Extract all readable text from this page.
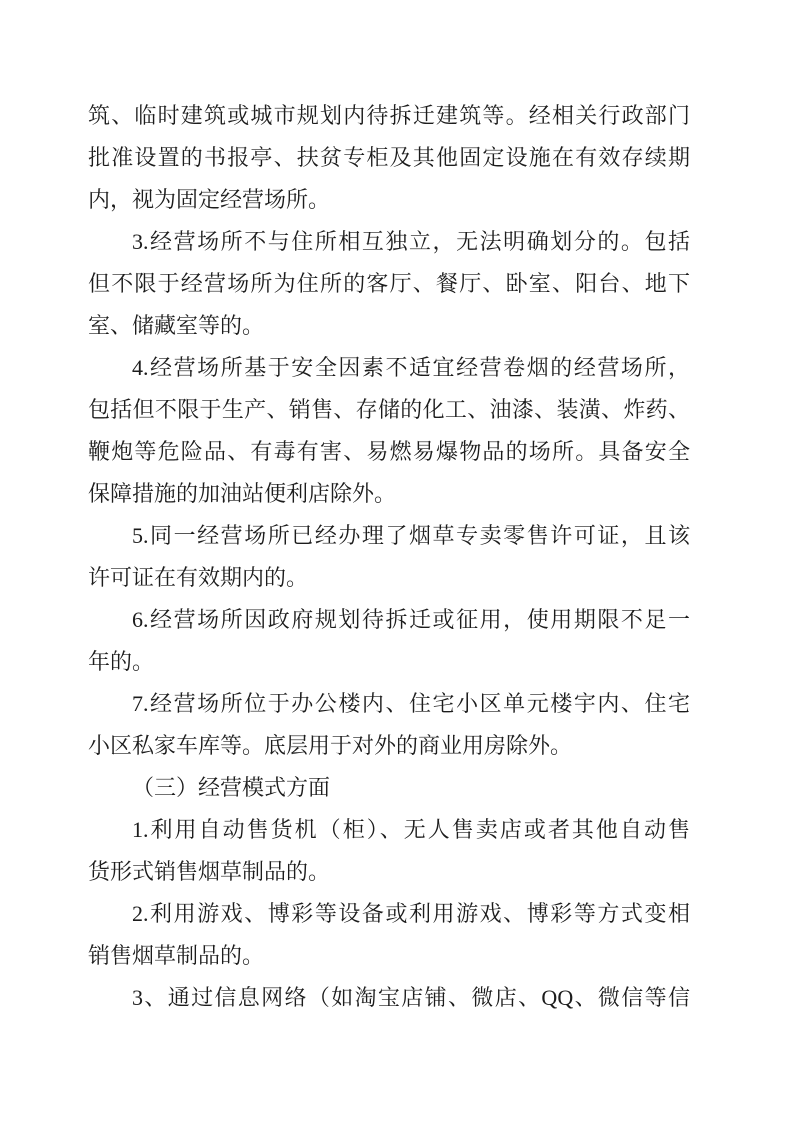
筑、临时建筑或城市规划内待拆迁建筑等。经相关行政部门
批准设置的书报亭、扶贫专柜及其他固定设施在有效存续期
内，视为固定经营场所。
3.经营场所不与住所相互独立，无法明确划分的。包括
但不限于经营场所为住所的客厅、餐厅、卧室、阳台、地下
室、储藏室等的。
4.经营场所基于安全因素不适宜经营卷烟的经营场所，
包括但不限于生产、销售、存储的化工、油漆、装潢、炸药、
鞭炮等危险品、有毒有害、易燃易爆物品的场所。具备安全
保障措施的加油站便利店除外。
5.同一经营场所已经办理了烟草专卖零售许可证，且该
许可证在有效期内的。
6.经营场所因政府规划待拆迁或征用，使用期限不足一
年的。
7.经营场所位于办公楼内、住宅小区单元楼宇内、住宅
小区私家车库等。底层用于对外的商业用房除外。
（三）经营模式方面
1.利用自动售货机（柜）、无人售卖店或者其他自动售
货形式销售烟草制品的。
2.利用游戏、博彩等设备或利用游戏、博彩等方式变相
销售烟草制品的。
3、通过信息网络（如淘宝店铺、微店、QQ、微信等信
